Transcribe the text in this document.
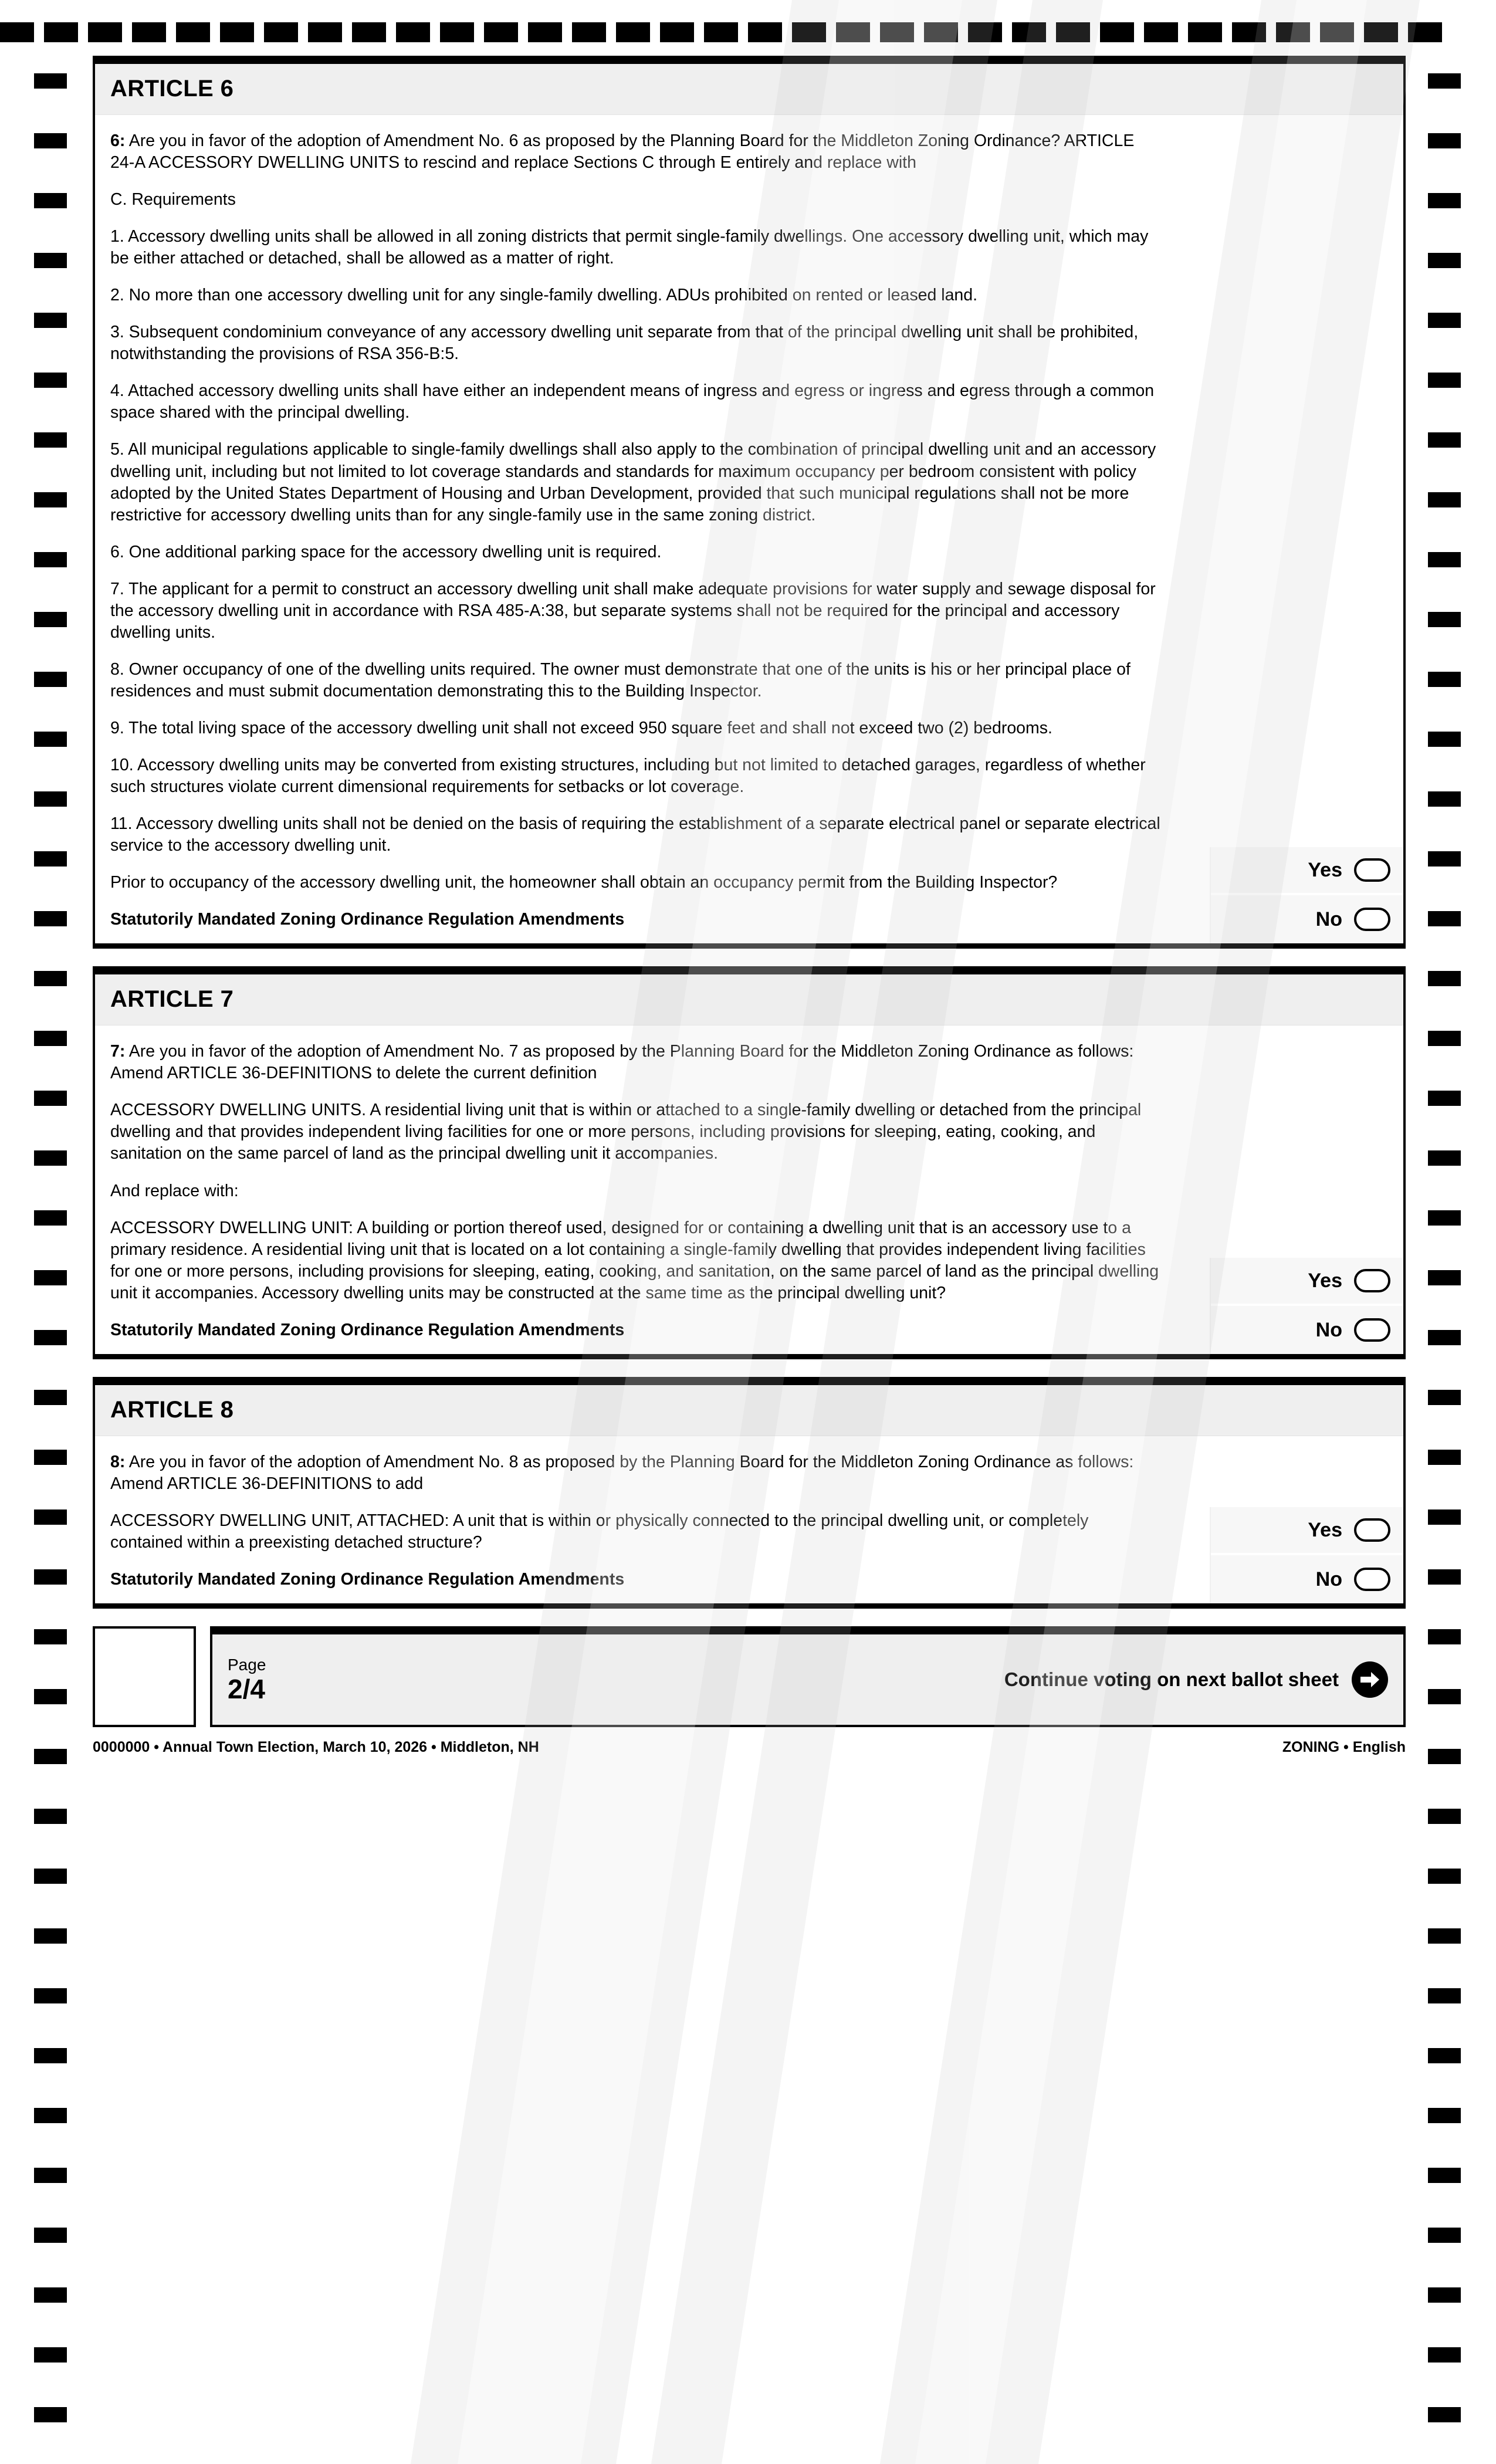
ARTICLE 6

6: Are you in favor of the adoption of Amendment No. 6 as proposed by the Planning Board for the Middleton Zoning Ordinance? ARTICLE 24-A ACCESSORY DWELLING UNITS to rescind and replace Sections C through E entirely and replace with

C. Requirements

1. Accessory dwelling units shall be allowed in all zoning districts that permit single-family dwellings. One accessory dwelling unit, which may be either attached or detached, shall be allowed as a matter of right.

2. No more than one accessory dwelling unit for any single-family dwelling. ADUs prohibited on rented or leased land.

3. Subsequent condominium conveyance of any accessory dwelling unit separate from that of the principal dwelling unit shall be prohibited, notwithstanding the provisions of RSA 356-B:5.

4. Attached accessory dwelling units shall have either an independent means of ingress and egress or ingress and egress through a common space shared with the principal dwelling.

5. All municipal regulations applicable to single-family dwellings shall also apply to the combination of principal dwelling unit and an accessory dwelling unit, including but not limited to lot coverage standards and standards for maximum occupancy per bedroom consistent with policy adopted by the United States Department of Housing and Urban Development, provided that such municipal regulations shall not be more restrictive for accessory dwelling units than for any single-family use in the same zoning district.

6. One additional parking space for the accessory dwelling unit is required.

7. The applicant for a permit to construct an accessory dwelling unit shall make adequate provisions for water supply and sewage disposal for the accessory dwelling unit in accordance with RSA 485-A:38, but separate systems shall not be required for the principal and accessory dwelling units.

8. Owner occupancy of one of the dwelling units required. The owner must demonstrate that one of the units is his or her principal place of residences and must submit documentation demonstrating this to the Building Inspector.

9. The total living space of the accessory dwelling unit shall not exceed 950 square feet and shall not exceed two (2) bedrooms.

10. Accessory dwelling units may be converted from existing structures, including but not limited to detached garages, regardless of whether such structures violate current dimensional requirements for setbacks or lot coverage.

11. Accessory dwelling units shall not be denied on the basis of requiring the establishment of a separate electrical panel or separate electrical service to the accessory dwelling unit.

Prior to occupancy of the accessory dwelling unit, the homeowner shall obtain an occupancy permit from the Building Inspector?

Statutorily Mandated Zoning Ordinance Regulation Amendments

Yes
No
ARTICLE 7

7: Are you in favor of the adoption of Amendment No. 7 as proposed by the Planning Board for the Middleton Zoning Ordinance as follows: Amend ARTICLE 36-DEFINITIONS to delete the current definition

ACCESSORY DWELLING UNITS. A residential living unit that is within or attached to a single-family dwelling or detached from the principal dwelling and that provides independent living facilities for one or more persons, including provisions for sleeping, eating, cooking, and sanitation on the same parcel of land as the principal dwelling unit it accompanies.

And replace with:

ACCESSORY DWELLING UNIT: A building or portion thereof used, designed for or containing a dwelling unit that is an accessory use to a primary residence. A residential living unit that is located on a lot containing a single-family dwelling that provides independent living facilities for one or more persons, including provisions for sleeping, eating, cooking, and sanitation, on the same parcel of land as the principal dwelling unit it accompanies. Accessory dwelling units may be constructed at the same time as the principal dwelling unit?

Statutorily Mandated Zoning Ordinance Regulation Amendments

Yes
No
ARTICLE 8

8: Are you in favor of the adoption of Amendment No. 8 as proposed by the Planning Board for the Middleton Zoning Ordinance as follows: Amend ARTICLE 36-DEFINITIONS to add

ACCESSORY DWELLING UNIT, ATTACHED: A unit that is within or physically connected to the principal dwelling unit, or completely contained within a preexisting detached structure?

Statutorily Mandated Zoning Ordinance Regulation Amendments

Yes
No
Page
2/4	Continue voting on next ballot sheet
0000000 • Annual Town Election, March 10, 2026 • Middleton, NH	ZONING • English
